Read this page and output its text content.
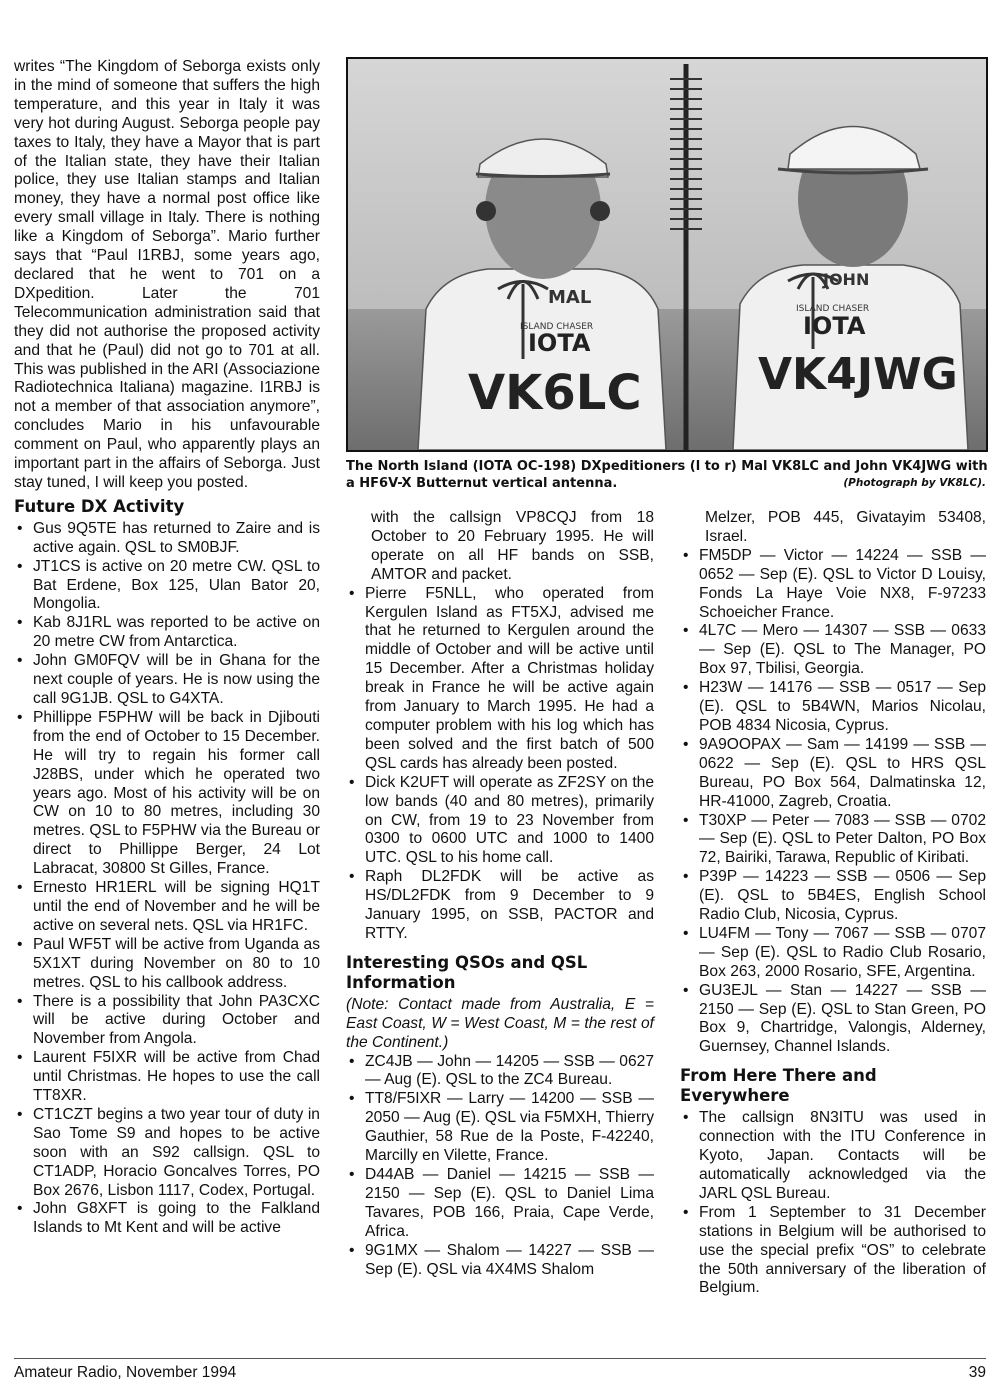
writes “The Kingdom of Seborga exists only in the mind of someone that suffers the high temperature, and this year in Italy it was very hot during August. Seborga people pay taxes to Italy, they have a Mayor that is part of the Italian state, they have their Italian police, they use Italian stamps and Italian money, they have a normal post office like every small village in Italy. There is nothing like a Kingdom of Seborga”. Mario further says that “Paul I1RBJ, some years ago, declared that he went to 701 on a DXpedition. Later the 701 Telecommunication administration said that they did not authorise the proposed activity and that he (Paul) did not go to 701 at all. This was published in the ARI (Associazione Radiotechnica Italiana) magazine. I1RBJ is not a member of that association anymore”, concludes Mario in his unfavourable comment on Paul, who apparently plays an important part in the affairs of Seborga. Just stay tuned, I will keep you posted.

Future DX Activity
• Gus 9Q5TE has returned to Zaire and is active again. QSL to SM0BJF.
• JT1CS is active on 20 metre CW. QSL to Bat Erdene, Box 125, Ulan Bator 20, Mongolia.
• Kab 8J1RL was reported to be active on 20 metre CW from Antarctica.
• John GM0FQV will be in Ghana for the next couple of years. He is now using the call 9G1JB. QSL to G4XTA.
• Phillippe F5PHW will be back in Djibouti from the end of October to 15 December. He will try to regain his former call J28BS, under which he operated two years ago. Most of his activity will be on CW on 10 to 80 metres, including 30 metres. QSL to F5PHW via the Bureau or direct to Phillippe Berger, 24 Lot Labracat, 30800 St Gilles, France.
• Ernesto HR1ERL will be signing HQ1T until the end of November and he will be active on several nets. QSL via HR1FC.
• Paul WF5T will be active from Uganda as 5X1XT during November on 80 to 10 metres. QSL to his callbook address.
• There is a possibility that John PA3CXC will be active during October and November from Angola.
• Laurent F5IXR will be active from Chad until Christmas. He hopes to use the call TT8XR.
• CT1CZT begins a two year tour of duty in Sao Tome S9 and hopes to be active soon with an S92 callsign. QSL to CT1ADP, Horacio Goncalves Torres, PO Box 2676, Lisbon 1117, Codex, Portugal.
• John G8XFT is going to the Falkland Islands to Mt Kent and will be active
MAL
ISLAND CHASER
IOTA
VK6LC
JOHN
ISLAND CHASER
IOTA
VK4JWG
The North Island (IOTA OC-198) DXpeditioners (l to r) Mal VK8LC and John VK4JWG with a HF6V-X Butternut vertical antenna.	(Photograph by VK8LC).

with the callsign VP8CQJ from 18 October to 20 February 1995. He will operate on all HF bands on SSB, AMTOR and packet.

• Pierre F5NLL, who operated from Kergulen Island as FT5XJ, advised me that he returned to Kergulen around the middle of October and will be active until 15 December. After a Christmas holiday break in France he will be active again from January to March 1995. He had a computer problem with his log which has been solved and the first batch of 500 QSL cards has already been posted.
• Dick K2UFT will operate as ZF2SY on the low bands (40 and 80 metres), primarily on CW, from 19 to 23 November from 0300 to 0600 UTC and 1000 to 1400 UTC. QSL to his home call.
• Raph DL2FDK will be active as HS/DL2FDK from 9 December to 9 January 1995, on SSB, PACTOR and RTTY.
Interesting QSOs and QSL Information

(Note: Contact made from Australia, E = East Coast, W = West Coast, M = the rest of the Continent.)

• ZC4JB — John — 14205 — SSB — 0627 — Aug (E). QSL to the ZC4 Bureau.
• TT8/F5IXR — Larry — 14200 — SSB — 2050 — Aug (E). QSL via F5MXH, Thierry Gauthier, 58 Rue de la Poste, F-42240, Marcilly en Vilette, France.
• D44AB — Daniel — 14215 — SSB — 2150 — Sep (E). QSL to Daniel Lima Tavares, POB 166, Praia, Cape Verde, Africa.
• 9G1MX — Shalom — 14227 — SSB — Sep (E). QSL via 4X4MS Shalom

Melzer, POB 445, Givatayim 53408, Israel.

• FM5DP — Victor — 14224 — SSB — 0652 — Sep (E). QSL to Victor D Louisy, Fonds La Haye Voie NX8, F-97233 Schoeicher France.
• 4L7C — Mero — 14307 — SSB — 0633 — Sep (E). QSL to The Manager, PO Box 97, Tbilisi, Georgia.
• H23W — 14176 — SSB — 0517 — Sep (E). QSL to 5B4WN, Marios Nicolau, POB 4834 Nicosia, Cyprus.
• 9A9OOPAX — Sam — 14199 — SSB — 0622 — Sep (E). QSL to HRS QSL Bureau, PO Box 564, Dalmatinska 12, HR-41000, Zagreb, Croatia.
• T30XP — Peter — 7083 — SSB — 0702 — Sep (E). QSL to Peter Dalton, PO Box 72, Bairiki, Tarawa, Republic of Kiribati.
• P39P — 14223 — SSB — 0506 — Sep (E). QSL to 5B4ES, English School Radio Club, Nicosia, Cyprus.
• LU4FM — Tony — 7067 — SSB — 0707 — Sep (E). QSL to Radio Club Rosario, Box 263, 2000 Rosario, SFE, Argentina.
• GU3EJL — Stan — 14227 — SSB — 2150 — Sep (E). QSL to Stan Green, PO Box 9, Chartridge, Valongis, Alderney, Guernsey, Channel Islands.
From Here There and Everywhere
• The callsign 8N3ITU was used in connection with the ITU Conference in Kyoto, Japan. Contacts will be automatically acknowledged via the JARL QSL Bureau.
• From 1 September to 31 December stations in Belgium will be authorised to use the special prefix “OS” to celebrate the 50th anniversary of the liberation of Belgium.
Amateur Radio, November 1994	39
